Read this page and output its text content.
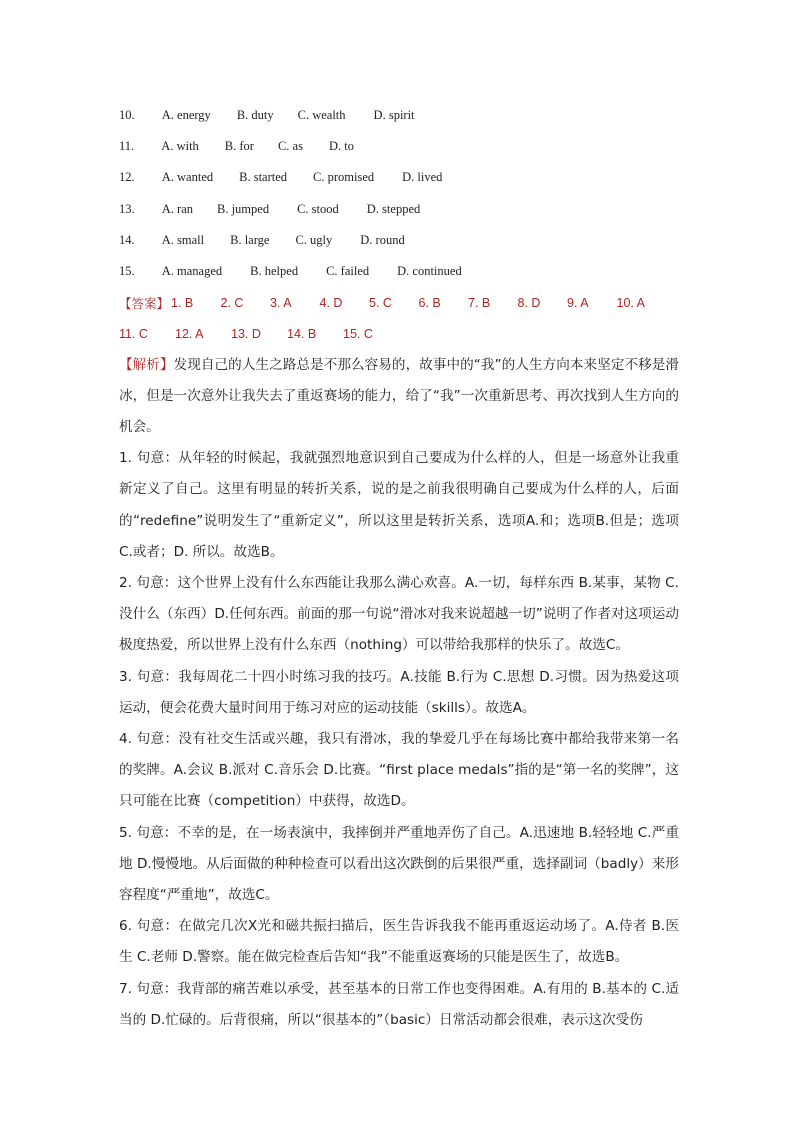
10.
A. energy B. duty C. wealth D. spirit
11.
A. with B. for C. as D. to
12.
A. wanted B. started C. promised D. lived
13.
A. ran B. jumped C. stood D. stepped
14.
A. small B. large C. ugly D. round
15.
A. managed B. helped C. failed D. continued
【答案】 1. B	2. C	3. A	4. D	5. C	6. B	7. B	8. D	9. A	10. A
11. C	12. A	13. D	14. B	15. C

【解析】发现自己的人生之路总是不那么容易的，故事中的“我”的人生方向本来坚定不移是滑冰，但是一次意外让我失去了重返赛场的能力，给了“我”一次重新思考、再次找到人生方向的机会。

1. 句意：从年轻的时候起，我就强烈地意识到自己要成为什么样的人，但是一场意外让我重新定义了自己。这里有明显的转折关系，说的是之前我很明确自己要成为什么样的人，后面的“redefine”说明发生了“重新定义”，所以这里是转折关系，选项A.和；选项B.但是；选项C.或者；D. 所以。故选B。

2. 句意：这个世界上没有什么东西能让我那么满心欢喜。A.一切，每样东西 B.某事，某物 C.没什么（东西）D.任何东西。前面的那一句说“滑冰对我来说超越一切”说明了作者对这项运动极度热爱，所以世界上没有什么东西（nothing）可以带给我那样的快乐了。故选C。

3. 句意：我每周花二十四小时练习我的技巧。A.技能 B.行为 C.思想 D.习惯。因为热爱这项运动，便会花费大量时间用于练习对应的运动技能（skills）。故选A。

4. 句意：没有社交生活或兴趣，我只有滑冰，我的挚爱几乎在每场比赛中都给我带来第一名的奖牌。A.会议 B.派对 C.音乐会 D.比赛。“first place medals”指的是“第一名的奖牌”，这只可能在比赛（competition）中获得，故选D。

5. 句意：不幸的是，在一场表演中，我摔倒并严重地弄伤了自己。A.迅速地 B.轻轻地 C.严重地 D.慢慢地。从后面做的种种检查可以看出这次跌倒的后果很严重，选择副词（badly）来形容程度“严重地”，故选C。

6. 句意：在做完几次X光和磁共振扫描后，医生告诉我我不能再重返运动场了。A.侍者 B.医生 C.老师 D.警察。能在做完检查后告知“我”不能重返赛场的只能是医生了，故选B。

7. 句意：我背部的痛苦难以承受，甚至基本的日常工作也变得困难。A.有用的 B.基本的 C.适当的 D.忙碌的。后背很痛，所以“很基本的”（basic）日常活动都会很难，表示这次受伤
